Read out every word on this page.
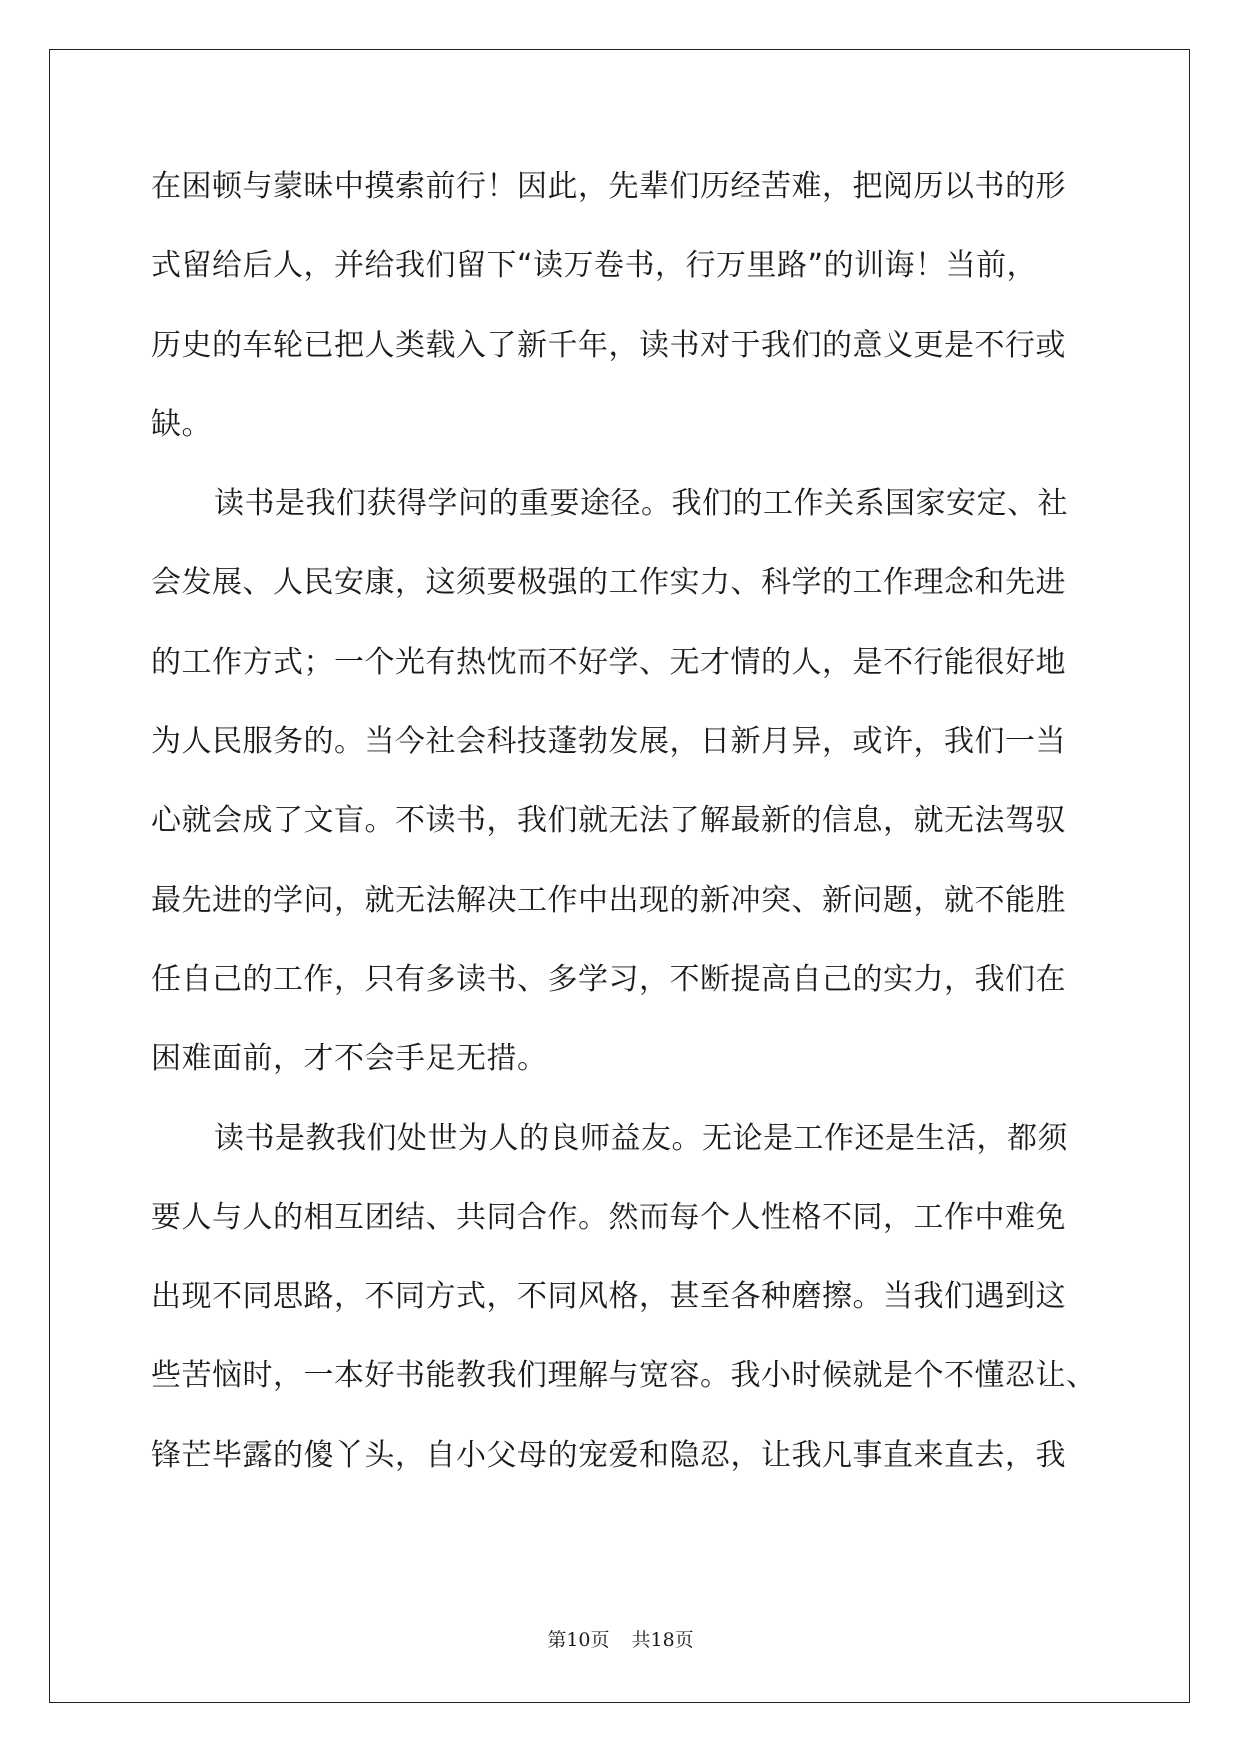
在困顿与蒙昧中摸索前行！因此，先辈们历经苦难，把阅历以书的形
式留给后人，并给我们留下“读万卷书，行万里路”的训诲！当前，
历史的车轮已把人类载入了新千年，读书对于我们的意义更是不行或
缺。
读书是我们获得学问的重要途径。我们的工作关系国家安定、社
会发展、人民安康，这须要极强的工作实力、科学的工作理念和先进
的工作方式；一个光有热忱而不好学、无才情的人，是不行能很好地
为人民服务的。当今社会科技蓬勃发展，日新月异，或许，我们一当
心就会成了文盲。不读书，我们就无法了解最新的信息，就无法驾驭
最先进的学问，就无法解决工作中出现的新冲突、新问题，就不能胜
任自己的工作，只有多读书、多学习，不断提高自己的实力，我们在
困难面前，才不会手足无措。
读书是教我们处世为人的良师益友。无论是工作还是生活，都须
要人与人的相互团结、共同合作。然而每个人性格不同，工作中难免
出现不同思路，不同方式，不同风格，甚至各种磨擦。当我们遇到这
些苦恼时，一本好书能教我们理解与宽容。我小时候就是个不懂忍让、
锋芒毕露的傻丫头，自小父母的宠爱和隐忍，让我凡事直来直去，我
第10页 共18页
